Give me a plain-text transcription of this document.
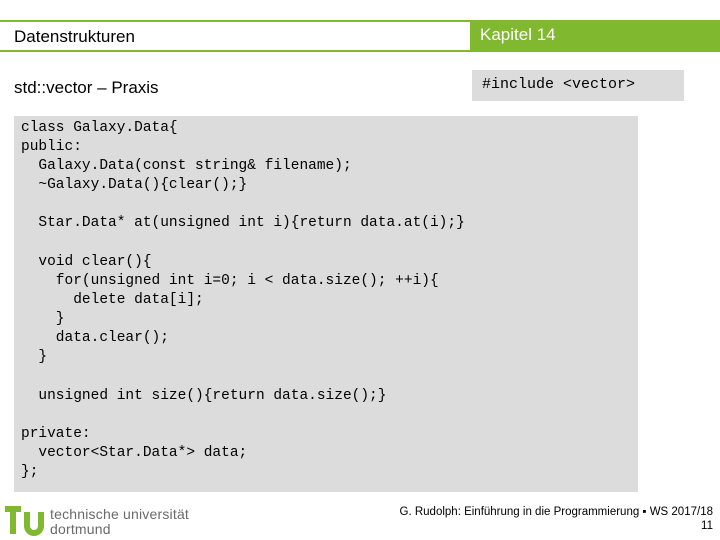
Datenstrukturen	Kapitel 14
std::vector – Praxis	#include <vector>
class Galaxy.Data{
public:
Galaxy.Data(const string& filename);
~Galaxy.Data(){clear();}
Star.Data* at(unsigned int i){return data.at(i);}
void clear(){
for(unsigned int i=0; i < data.size(); ++i){
delete data[i];
}
data.clear();
}
unsigned int size(){return data.size();}
private:
vector<Star.Data*> data;
};
technische universität
dortmund
G. Rudolph: Einführung in die Programmierung ▪ WS 2017/18
11
